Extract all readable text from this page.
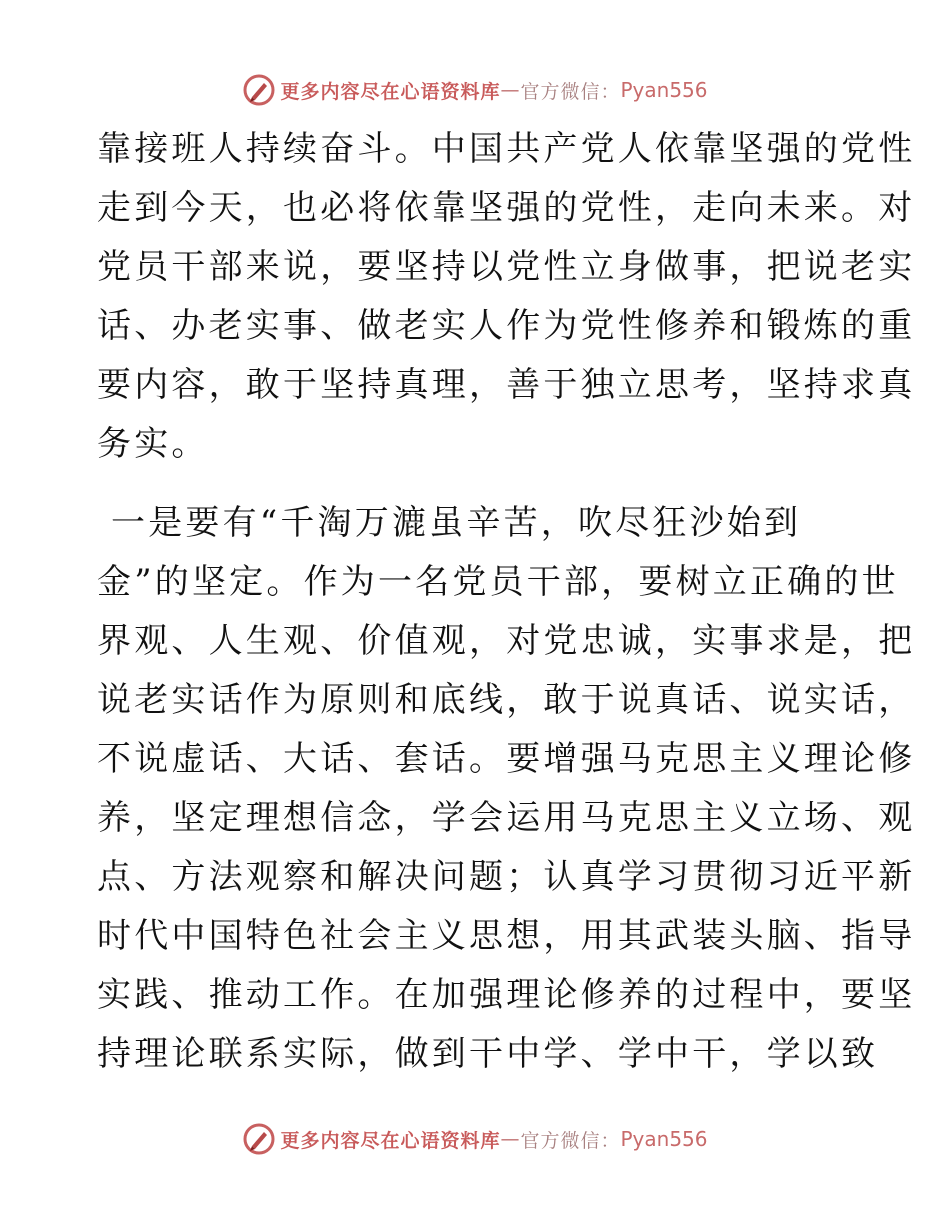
更多内容尽在心语资料库 — 官方微信： Pyan556
靠接班人持续奋斗。中国共产党人依靠坚强的党性
走到今天，也必将依靠坚强的党性，走向未来。对
党员干部来说，要坚持以党性立身做事，把说老实
话、办老实事、做老实人作为党性修养和锻炼的重
要内容，敢于坚持真理，善于独立思考，坚持求真
务实。
一是要有“千淘万漉虽辛苦，吹尽狂沙始到
金”的坚定。作为一名党员干部，要树立正确的世
界观、人生观、价值观，对党忠诚，实事求是，把
说老实话作为原则和底线，敢于说真话、说实话，
不说虚话、大话、套话。要增强马克思主义理论修
养，坚定理想信念，学会运用马克思主义立场、观
点、方法观察和解决问题；认真学习贯彻习近平新
时代中国特色社会主义思想，用其武装头脑、指导
实践、推动工作。在加强理论修养的过程中，要坚
持理论联系实际，做到干中学、学中干，学以致
更多内容尽在心语资料库 — 官方微信： Pyan556
